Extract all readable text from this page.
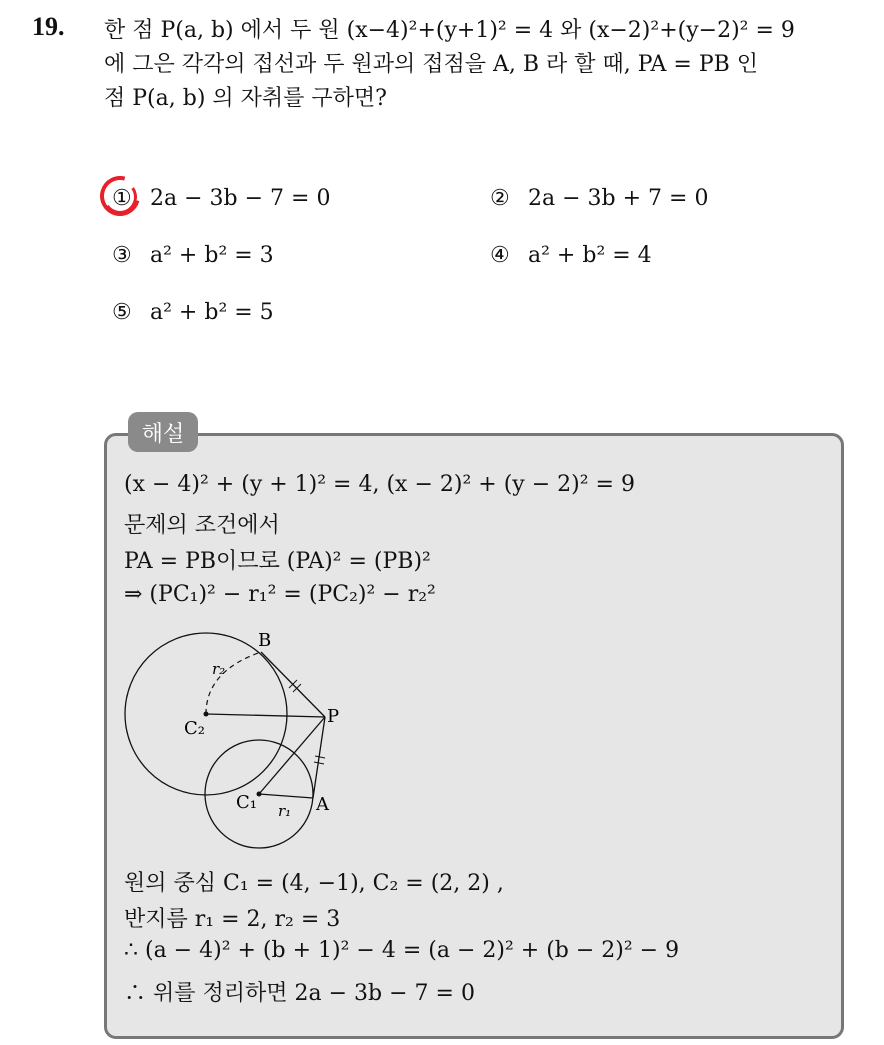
19. 한 점 P(a, b) 에서 두 원 (x−4)²+(y+1)² = 4 와 (x−2)²+(y−2)² = 9
에 그은 각각의 접선과 두 원과의 접점을 A, B 라 할 때, PA = PB 인
점 P(a, b) 의 자취를 구하면?
① 2a − 3b − 7 = 0	② 2a − 3b + 7 = 0
③ a² + b² = 3	④ a² + b² = 4
⑤ a² + b² = 5
해설
(x − 4)² + (y + 1)² = 4, (x − 2)² + (y − 2)² = 9
문제의 조건에서
PA = PB이므로 (PA)² = (PB)²
⇒ (PC₁)² − r₁² = (PC₂)² − r₂²
B
P
A
C₂
C₁ r₁
r₂
원의 중심 C₁ = (4, −1), C₂ = (2, 2) ,
반지름 r₁ = 2, r₂ = 3
∴ (a − 4)² + (b + 1)² − 4 = (a − 2)² + (b − 2)² − 9
∴ 위를 정리하면 2a − 3b − 7 = 0
